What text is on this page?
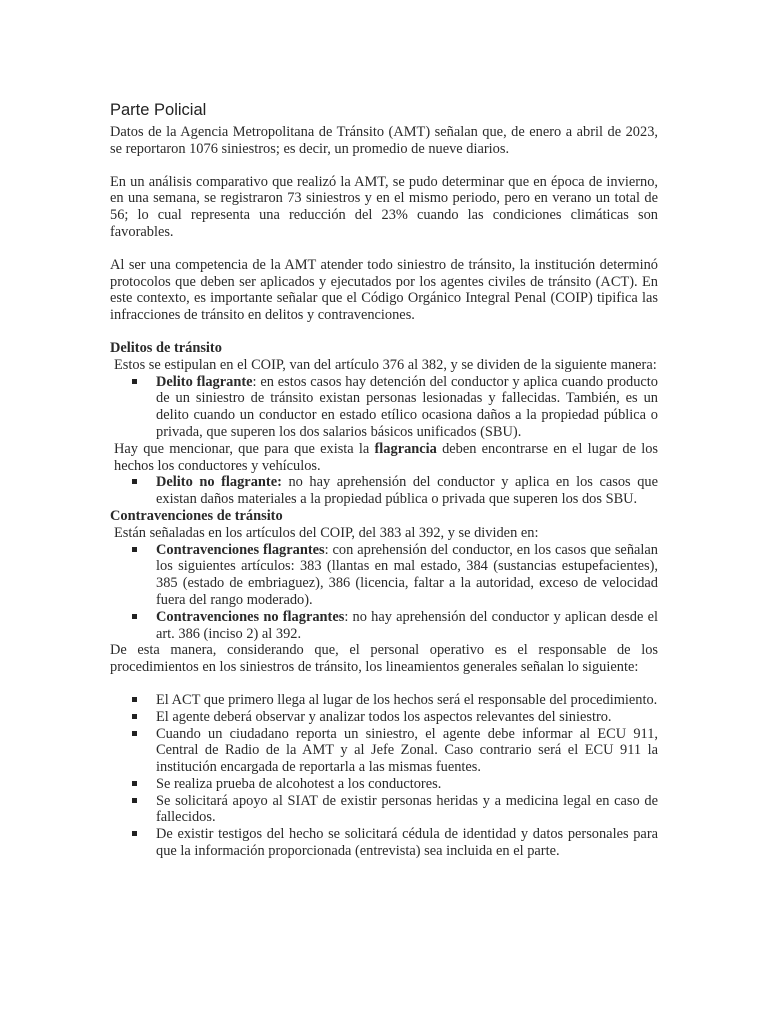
Parte Policial

Datos de la Agencia Metropolitana de Tránsito (AMT) señalan que, de enero a abril de 2023, se reportaron 1076 siniestros; es decir, un promedio de nueve diarios.

En un análisis comparativo que realizó la AMT, se pudo determinar que en época de invierno, en una semana, se registraron 73 siniestros y en el mismo periodo, pero en verano un total de 56; lo cual representa una reducción del 23% cuando las condiciones climáticas son favorables.

Al ser una competencia de la AMT atender todo siniestro de tránsito, la institución determinó protocolos que deben ser aplicados y ejecutados por los agentes civiles de tránsito (ACT). En este contexto, es importante señalar que el Código Orgánico Integral Penal (COIP) tipifica las infracciones de tránsito en delitos y contravenciones.

Delitos de tránsito

Estos se estipulan en el COIP, van del artículo 376 al 382, y se dividen de la siguiente manera:

Delito flagrante: en estos casos hay detención del conductor y aplica cuando producto de un siniestro de tránsito existan personas lesionadas y fallecidas. También, es un delito cuando un conductor en estado etílico ocasiona daños a la propiedad pública o privada, que superen los dos salarios básicos unificados (SBU).

Hay que mencionar, que para que exista la flagrancia deben encontrarse en el lugar de los hechos los conductores y vehículos.

Delito no flagrante: no hay aprehensión del conductor y aplica en los casos que existan daños materiales a la propiedad pública o privada que superen los dos SBU.
Contravenciones de tránsito

Están señaladas en los artículos del COIP, del 383 al 392, y se dividen en:

Contravenciones flagrantes: con aprehensión del conductor, en los casos que señalan los siguientes artículos: 383 (llantas en mal estado, 384 (sustancias estupefacientes), 385 (estado de embriaguez), 386 (licencia, faltar a la autoridad, exceso de velocidad fuera del rango moderado).
Contravenciones no flagrantes: no hay aprehensión del conductor y aplican desde el art. 386 (inciso 2) al 392.

De esta manera, considerando que, el personal operativo es el responsable de los procedimientos en los siniestros de tránsito, los lineamientos generales señalan lo siguiente:

El ACT que primero llega al lugar de los hechos será el responsable del procedimiento.
El agente deberá observar y analizar todos los aspectos relevantes del siniestro.
Cuando un ciudadano reporta un siniestro, el agente debe informar al ECU 911, Central de Radio de la AMT y al Jefe Zonal. Caso contrario será el ECU 911 la institución encargada de reportarla a las mismas fuentes.
Se realiza prueba de alcohotest a los conductores.
Se solicitará apoyo al SIAT de existir personas heridas y a medicina legal en caso de fallecidos.
De existir testigos del hecho se solicitará cédula de identidad y datos personales para que la información proporcionada (entrevista) sea incluida en el parte.
